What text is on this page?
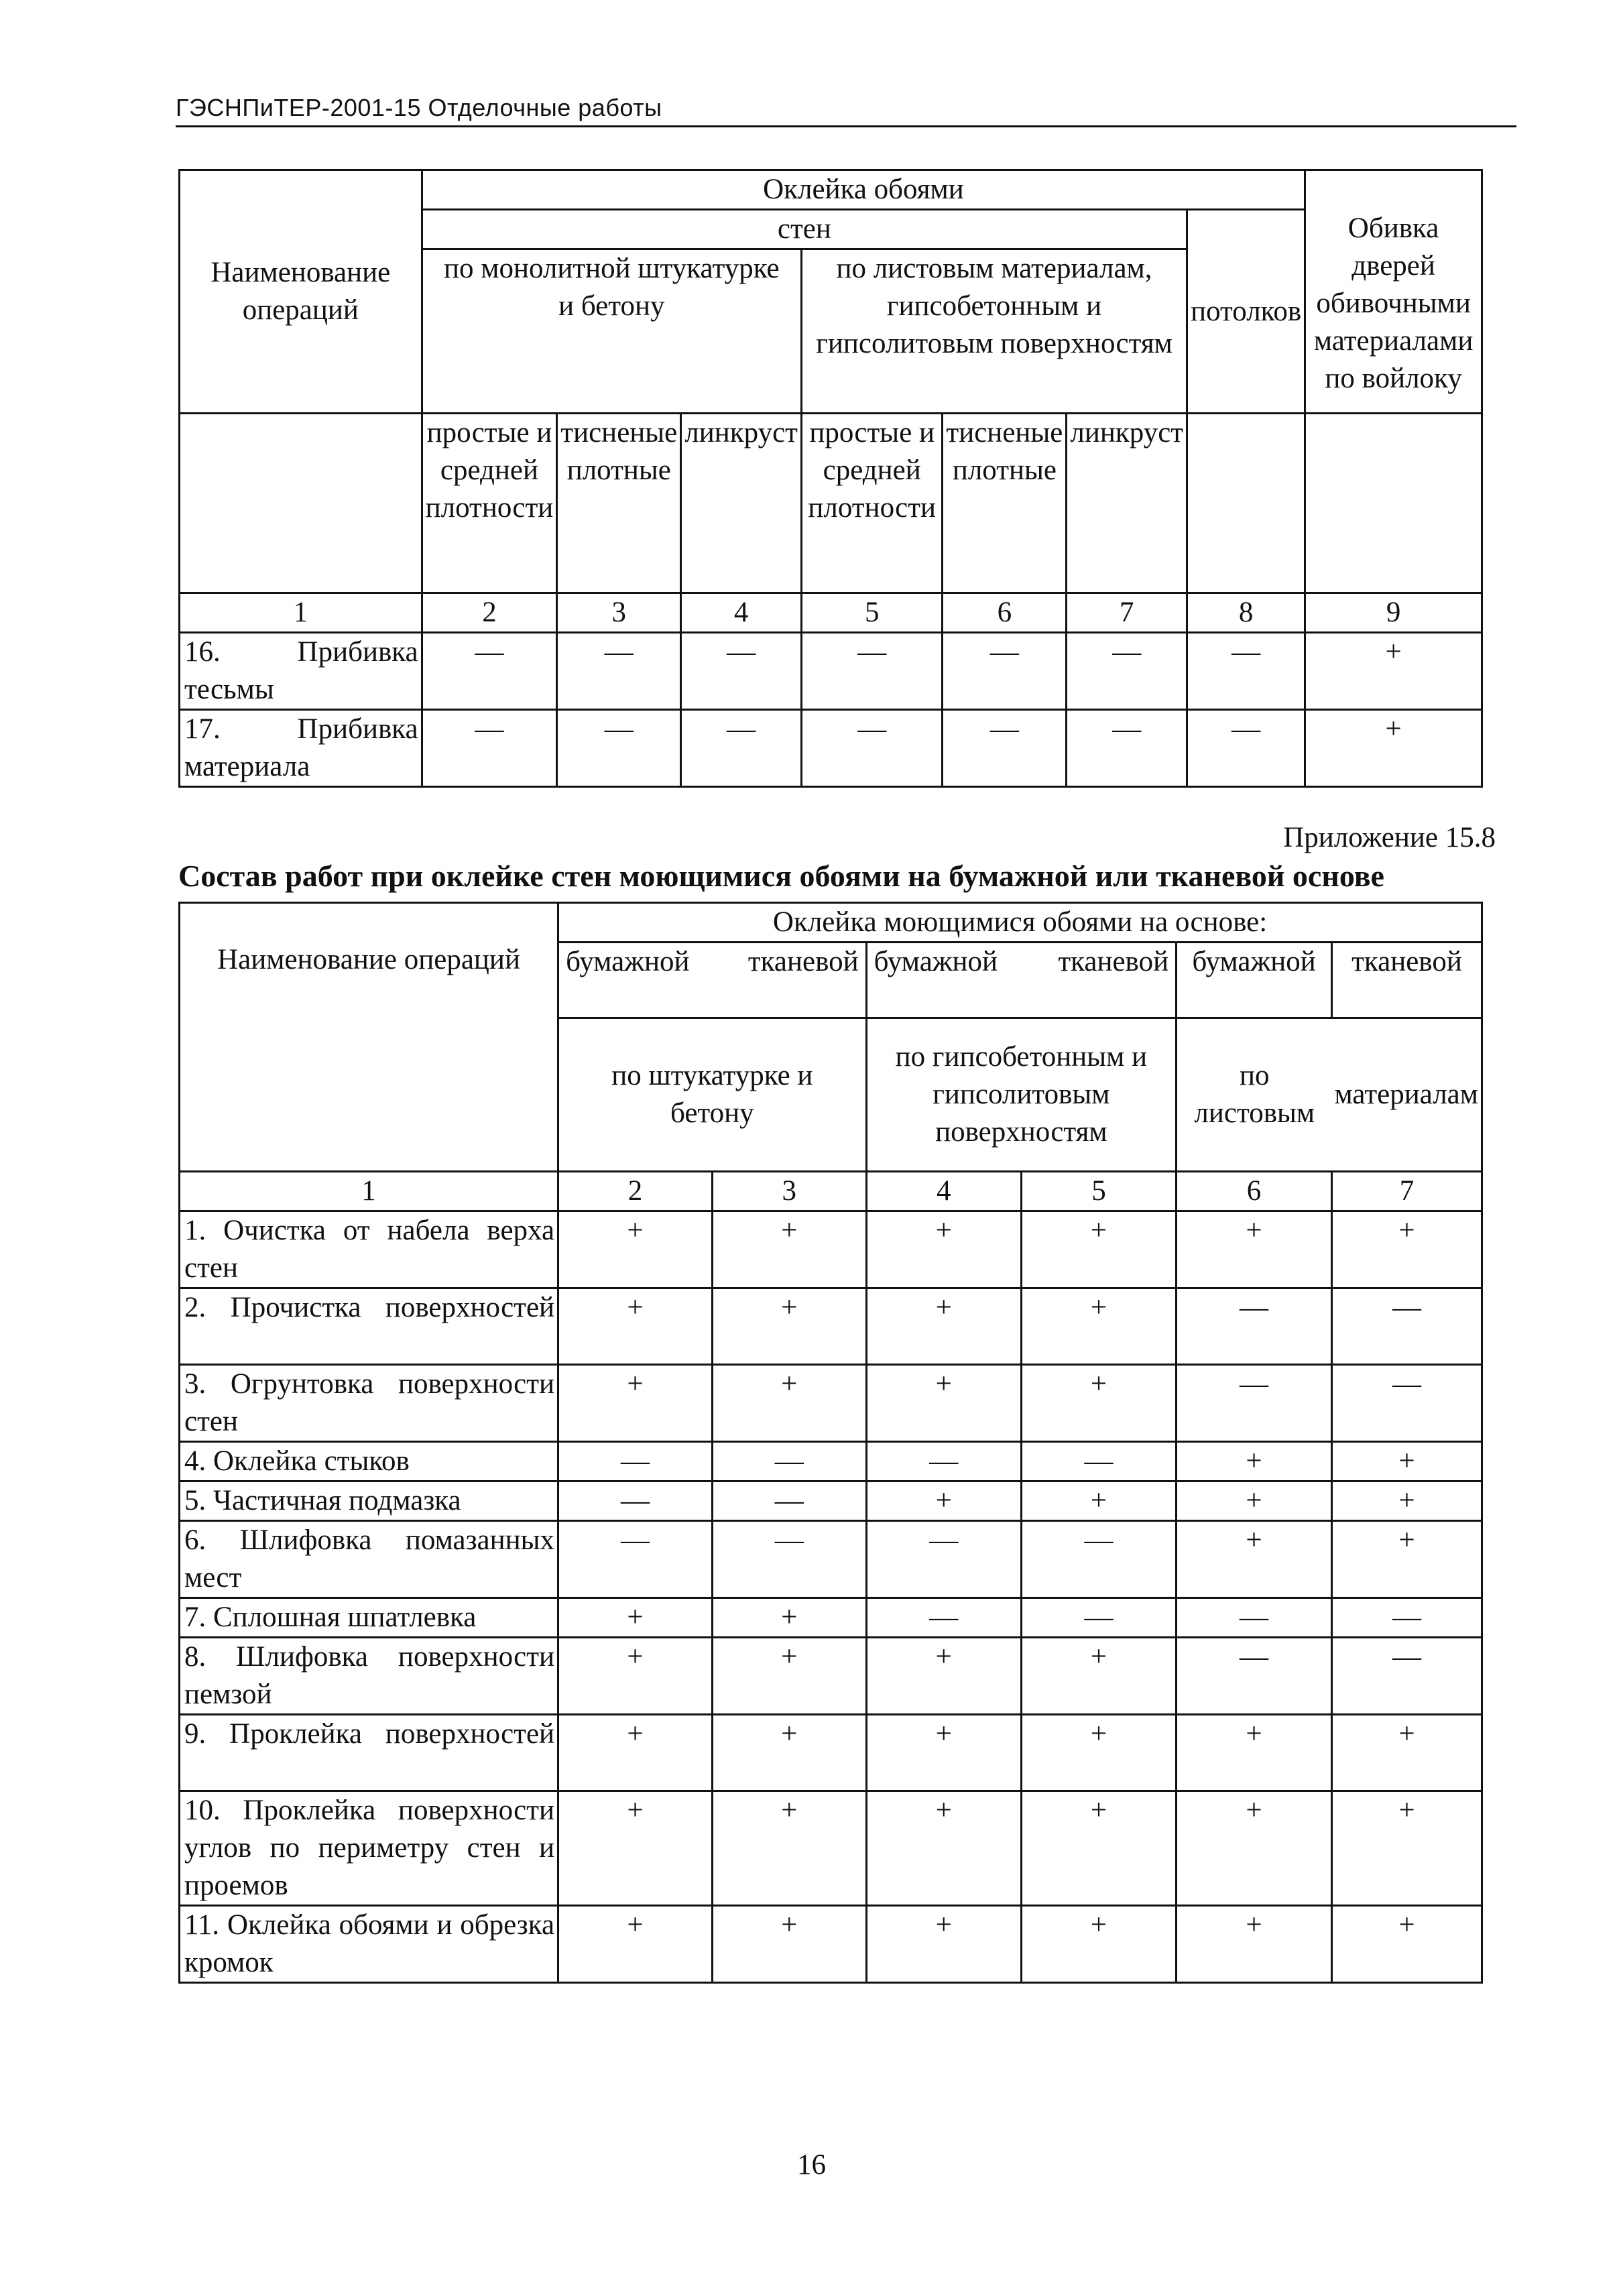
ГЭСНПиТЕР-2001-15 Отделочные работы
Наименование операций	Оклейка обоями							Обивка дверей обивочными материалами по войлоку
	стен						потолков	
	по монолитной штукатурке и бетону			по листовым материалам, гипсобетонным и гипсолитовым поверхностям				
	простые и средней плотности	тисненые плотные	линкруст	простые и средней плотности	тисненые плотные	линкруст		
1	2	3	4	5	6	7	8	9
16. Прибивка тесьмы	—	—	—	—	—	—	—	+
17. Прибивка материала	—	—	—	—	—	—	—	+
Приложение 15.8
Состав работ при оклейке стен моющимися обоями на бумажной или тканевой основе
Наименование операций	Оклейка моющимися обоями на основе:					
	бумажной тканевой		бумажной тканевой		бумажной	тканевой
	по штукатурке и бетону		по гипсобетонным и гипсолитовым поверхностям		по листовым	материалам
1	2	3	4	5	6	7
1. Очистка от набела верха стен	+	+	+	+	+	+
2. Прочистка поверхностей	+	+	+	+	—	—
3. Огрунтовка поверхности стен	+	+	+	+	—	—
4. Оклейка стыков	—	—	—	—	+	+
5. Частичная подмазка	—	—	+	+	+	+
6. Шлифовка помазанных мест	—	—	—	—	+	+
7. Сплошная шпатлевка	+	+	—	—	—	—
8. Шлифовка поверхности пемзой	+	+	+	+	—	—
9. Проклейка поверхностей	+	+	+	+	+	+
10. Проклейка поверхности углов по периметру стен и проемов	+	+	+	+	+	+
11. Оклейка обоями и обрезка кромок	+	+	+	+	+	+
16
